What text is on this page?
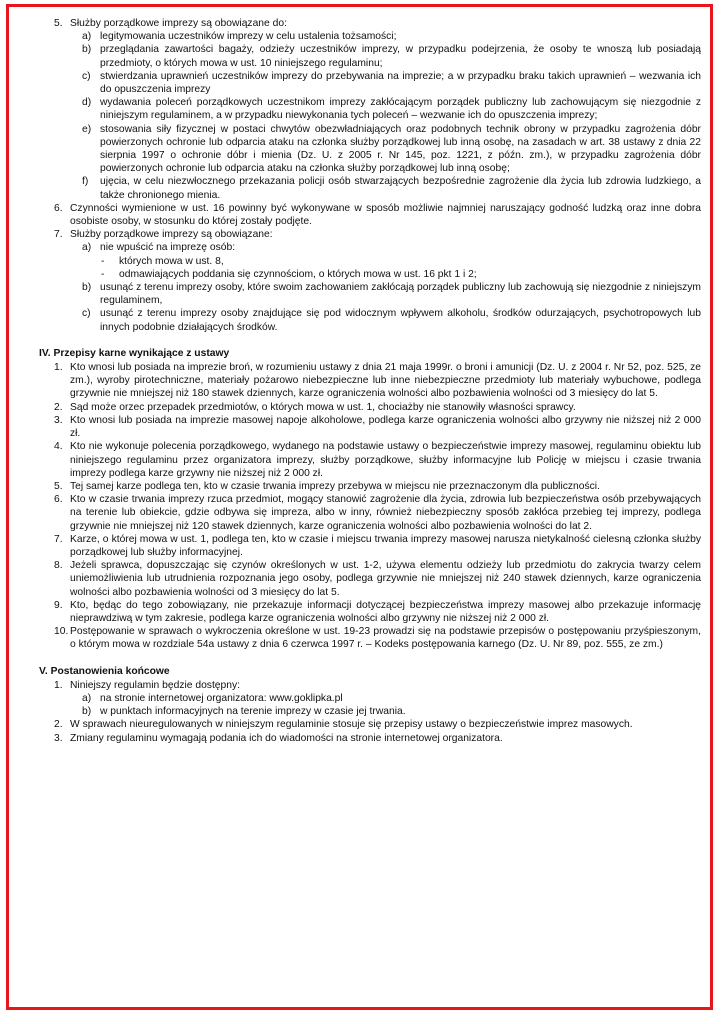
5. Służby porządkowe imprezy są obowiązane do:
a) legitymowania uczestników imprezy w celu ustalenia tożsamości;
b) przeglądania zawartości bagaży, odzieży uczestników imprezy, w przypadku podejrzenia, że osoby te wnoszą lub posiadają przedmioty, o których mowa w ust. 10 niniejszego regulaminu;
c) stwierdzania uprawnień uczestników imprezy do przebywania na imprezie; a w przypadku braku takich uprawnień – wezwania ich do opuszczenia imprezy
d) wydawania poleceń porządkowych uczestnikom imprezy zakłócającym porządek publiczny lub zachowującym się niezgodnie z niniejszym regulaminem, a w przypadku niewykonania tych poleceń – wezwanie ich do opuszczenia imprezy;
e) stosowania siły fizycznej w postaci chwytów obezwładniających oraz podobnych technik obrony w przypadku zagrożenia dóbr powierzonych ochronie lub odparcia ataku na członka służby porządkowej lub inną osobę, na zasadach w art. 38 ustawy z dnia 22 sierpnia 1997 o ochronie dóbr i mienia (Dz. U. z 2005 r. Nr 145, poz. 1221, z późn. zm.), w przypadku zagrożenia dóbr powierzonych ochronie lub odparcia ataku na członka służby porządkowej lub inną osobę;
f)	ujęcia, w celu niezwłocznego przekazania policji osób stwarzających bezpośrednie zagrożenie dla życia lub zdrowia ludzkiego, a także chronionego mienia.
6. Czynności wymienione w ust. 16 powinny być wykonywane w sposób możliwie najmniej naruszający godność ludzką oraz inne dobra osobiste osoby, w stosunku do której zostały podjęte.
7. Służby porządkowe imprezy są obowiązane:
a) nie wpuścić na imprezę osób:
-	których mowa w ust. 8,
-	odmawiających poddania się czynnościom, o których mowa w ust. 16 pkt 1 i 2;
b) usunąć z terenu imprezy osoby, które swoim zachowaniem zakłócają porządek publiczny lub zachowują się niezgodnie z niniejszym regulaminem,
c) usunąć z terenu imprezy osoby znajdujące się pod widocznym wpływem alkoholu, środków odurzających, psychotropowych lub innych podobnie działających środków.
IV. Przepisy karne wynikające z ustawy
1. Kto wnosi lub posiada na imprezie broń, w rozumieniu ustawy z dnia 21 maja 1999r. o broni i amunicji (Dz. U. z 2004 r. Nr 52, poz. 525, ze zm.), wyroby pirotechniczne, materiały pożarowo niebezpieczne lub inne niebezpieczne przedmioty lub materiały wybuchowe, podlega grzywnie nie mniejszej niż 180 stawek dziennych, karze ograniczenia wolności albo pozbawienia wolności od 3 miesięcy do lat 5.
2. Sąd może orzec przepadek przedmiotów, o których mowa w ust. 1, chociażby nie stanowiły własności sprawcy.
3. Kto wnosi lub posiada na imprezie masowej napoje alkoholowe, podlega karze ograniczenia wolności albo grzywny nie niższej niż 2 000 zł.
4. Kto nie wykonuje polecenia porządkowego, wydanego na podstawie ustawy o bezpieczeństwie imprezy masowej, regulaminu obiektu lub niniejszego regulaminu przez organizatora imprezy, służby porządkowe, służby informacyjne lub Policję w miejscu i czasie trwania imprezy podlega karze grzywny nie niższej niż 2 000 zł.
5. Tej samej karze podlega ten, kto w czasie trwania imprezy przebywa w miejscu nie przeznaczonym dla publiczności.
6. Kto w czasie trwania imprezy rzuca przedmiot, mogący stanowić zagrożenie dla życia, zdrowia lub bezpieczeństwa osób przebywających na terenie lub obiekcie, gdzie odbywa się impreza, albo w inny, również niebezpieczny sposób zakłóca przebieg tej imprezy, podlega grzywnie nie mniejszej niż 120 stawek dziennych, karze ograniczenia wolności albo pozbawienia wolności do lat 2.
7. Karze, o której mowa w ust. 1, podlega ten, kto w czasie i miejscu trwania imprezy masowej narusza nietykalność cielesną członka służby porządkowej lub służby informacyjnej.
8. Jeżeli sprawca, dopuszczając się czynów określonych w ust. 1-2, używa elementu odzieży lub przedmiotu do zakrycia twarzy celem uniemożliwienia lub utrudnienia rozpoznania jego osoby, podlega grzywnie nie mniejszej niż 240 stawek dziennych, karze ograniczenia wolności albo pozbawienia wolności od 3 miesięcy do lat 5.
9. Kto, będąc do tego zobowiązany, nie przekazuje informacji dotyczącej bezpieczeństwa imprezy masowej albo przekazuje informację nieprawdziwą w tym zakresie, podlega karze ograniczenia wolności albo grzywny nie niższej niż 2 000 zł.
10. Postępowanie w sprawach o wykroczenia określone w ust. 19-23 prowadzi się na podstawie przepisów o postępowaniu przyśpieszonym, o którym mowa w rozdziale 54a ustawy z dnia 6 czerwca 1997 r. – Kodeks postępowania karnego (Dz. U. Nr 89, poz. 555, ze zm.)
V. Postanowienia końcowe
1. Niniejszy regulamin będzie dostępny:
a) na stronie internetowej organizatora: www.goklipka.pl
b) w punktach informacyjnych na terenie imprezy w czasie jej trwania.
2. W sprawach nieuregulowanych w niniejszym regulaminie stosuje się przepisy ustawy o bezpieczeństwie imprez masowych.
3. Zmiany regulaminu wymagają podania ich do wiadomości na stronie internetowej organizatora.
